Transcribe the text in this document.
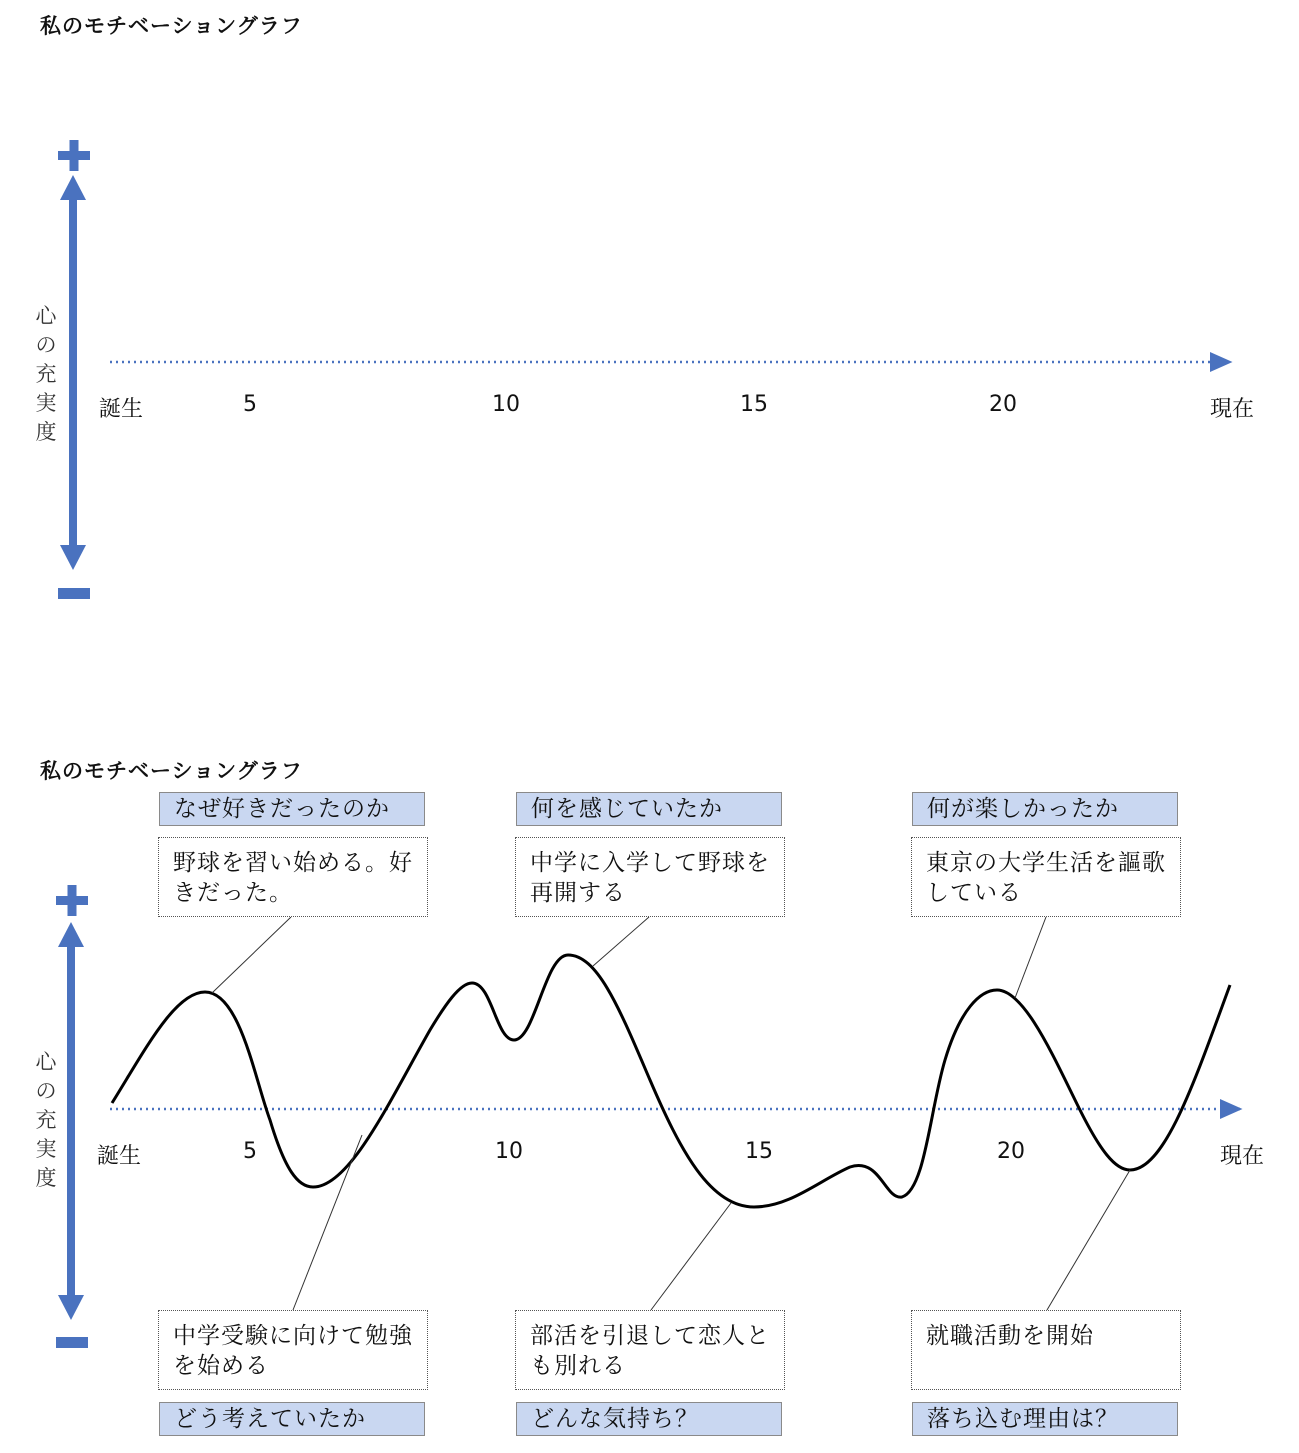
私のモチベーショングラフ
心
の
充
実
度
誕生	5	10	15	20	現在
私のモチベーショングラフ
心
の
充
実
度
誕生	5	10	15	20	現在
なぜ好きだったのか
野球を習い始める。好きだった。
何を感じていたか
中学に入学して野球を再開する
何が楽しかったか
東京の大学生活を謳歌している
中学受験に向けて勉強を始める
どう考えていたか
部活を引退して恋人とも別れる
どんな気持ち？
就職活動を開始
落ち込む理由は？
